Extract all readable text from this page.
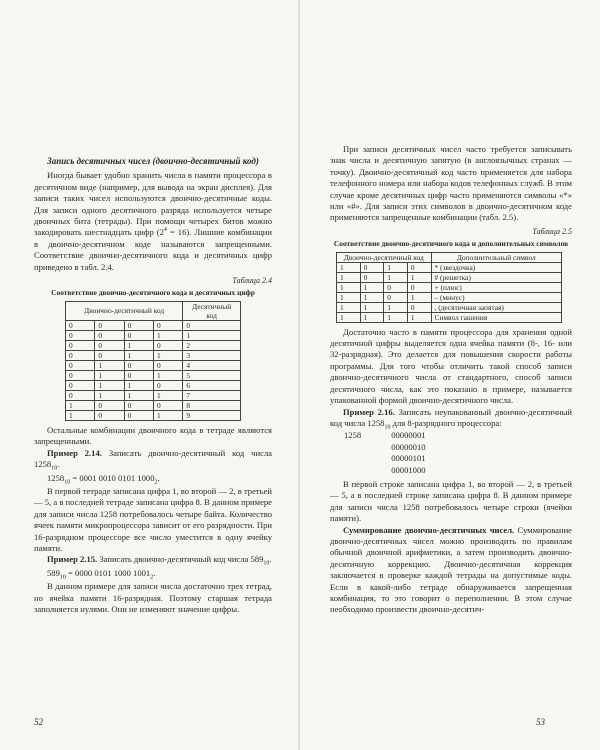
Запись десятичных чисел (двоично-десятичный код)

Иногда бывает удобно хранить числа в памяти процессора в десятичном виде (например, для вывода на экран дисплея). Для записи таких чисел используются двоично-десятичные коды. Для записи одного десятичного разряда используется четыре двоичных бита (тетрады). При помощи четырех битов можно закодировать шестнадцать цифр $(2^4 = 16)$. Лишние комбинации в двоично-десятичном коде называются запрещенными. Соответствие двоично-десятичного кода и десятичных цифр приведено в табл. 2.4.

Таблица 2.4
Соответствие двоично-десятичного кода и десятичных цифр
Двоично-десятичный код				Десятичный код
0	0	0	0	0
0	0	0	1	1
0	0	1	0	2
0	0	1	1	3
0	1	0	0	4
0	1	0	1	5
0	1	1	0	6
0	1	1	1	7
1	0	0	0	8
1	0	0	1	9

Остальные комбинации двоичного кода в тетраде являются запрещенными.

Пример 2.14. Записать двоично-десятичный код числа $1258_{10}$.

$1258_{10} = 0001$ 0010 0101 $1000_2$.

В первой тетраде записана цифра 1, во второй — 2, в третьей — 5, а в последней тетраде записана цифра 8. В данном примере для записи числа 1258 потребовалось четыре байта. Количество ячеек памяти микропроцессора зависит от его разрядности. При 16-разрядном процессоре все число уместится в одну ячейку памяти.

Пример 2.15. Записать двоично-десятичный код числа $589_{10}$.

$589_{10} = 0000$ 0101 1000 $1001_2$.

В данном примере для записи числа достаточно трех тетрад, но ячейка памяти 16-разрядная. Поэтому старшая тетрада заполняется нулями. Они не изменяют значение цифры.

52

При записи десятичных чисел часто требуется записывать знак числа и десятичную запятую (в англоязычных странах — точку). Двоично-десятичный код часто применяется для набора телефонного номера или набора кодов телефонных служб. В этом случае кроме десятичных цифр часто применяются символы «*» или «#». Для записи этих символов в двоично-десятичном коде применяются запрещенные комбинации (табл. 2.5).

Таблица 2.5
Соответствие двоично-десятичного кода и дополнительных символов
Двоично-десятичный код				Дополнительный символ
1	0	1	0	* (звездочка)
1	0	1	1	# (решетка)
1	1	0	0	+ (плюс)
1	1	0	1	– (минус)
1	1	1	0	, (десятичная запятая)
1	1	1	1	Символ гашения

Достаточно часто в памяти процессора для хранения одной десятичной цифры выделяется одна ячейка памяти (8-, 16- или 32-разрядная). Это делается для повышения скорости работы программы. Для того чтобы отличить такой способ записи двоично-десятичного числа от стандартного, способ записи десятичного числа, как это показано в примере, называется упакованной формой двоично-десятичного числа.

Пример 2.16. Записать неупакованный двоично-десятичный код числа $1258_{10}$ для 8-разрядного процессора:

1258	00000001
00000010
00000101
00001000

В первой строке записана цифра 1, во второй — 2, в третьей — 5, а в последней строке записана цифра 8. В данном примере для записи числа 1258 потребовалось четыре строки (ячейки памяти).

Суммирование двоично-десятичных чисел. Суммирование двоично-десятичных чисел можно производить по правилам обычной двоичной арифметики, а затем производить двоично-десятичную коррекцию. Двоично-десятичная коррекция заключается в проверке каждой тетрады на допустимые коды. Если в какой-либо тетраде обнаруживается запрещенная комбинация, то это говорит о переполнении. В этом случае необходимо произвести двоично-десятич-

53
